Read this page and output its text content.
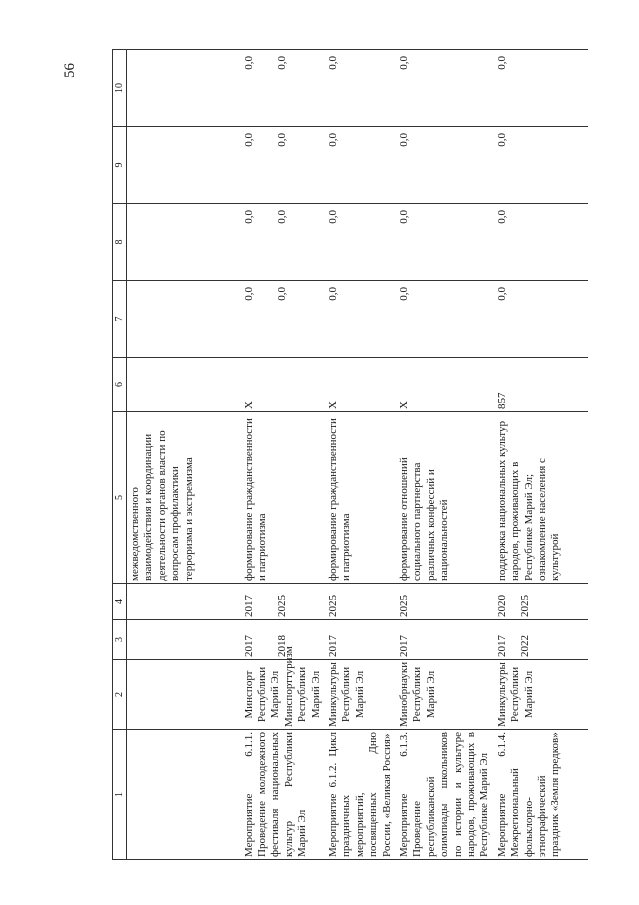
56
1	2	3	4	5	6	7	8	9	10
				межведомственного взаимодействия и координации деятельности органов власти по вопросам профилактики терроризма и экстремизма					
Мероприятие 6.1.1. Проведение молодежного фестиваля национальных культур Республики Марий Эл	Минспорт Республики Марий Эл Минспорттуризм Республики Марий Эл	2017 2018	2017 2025	формирование гражданственности и патриотизма	X	0,0 0,0	0,0 0,0	0,0 0,0	0,0 0,0

Мероприятие 6.1.2. Цикл праздничных мероприятий, посвященных Дню России, «Великая Россия»	Минкультуры Республики Марий Эл	2017	2025	формирование гражданственности и патриотизма	X	0,0	0,0	0,0	0,0
Мероприятие 6.1.3. Проведение республиканской олимпиады школьников по истории и культуре народов, проживающих в Республике Марий Эл	Минобрнауки Республики Марий Эл	2017	2025	формирование отношений социального партнерства различных конфессий и национальностей	X	0,0	0,0	0,0	0,0
Мероприятие 6.1.4. Межрегиональный фольклорно-этнографический праздник «Земля предков»	Минкультуры Республики Марий Эл	2017 2022	2020 2025	поддержка национальных культур народов, проживающих в Республике Марий Эл; ознакомление населения с культурой	857	0,0	0,0	0,0	0,0
